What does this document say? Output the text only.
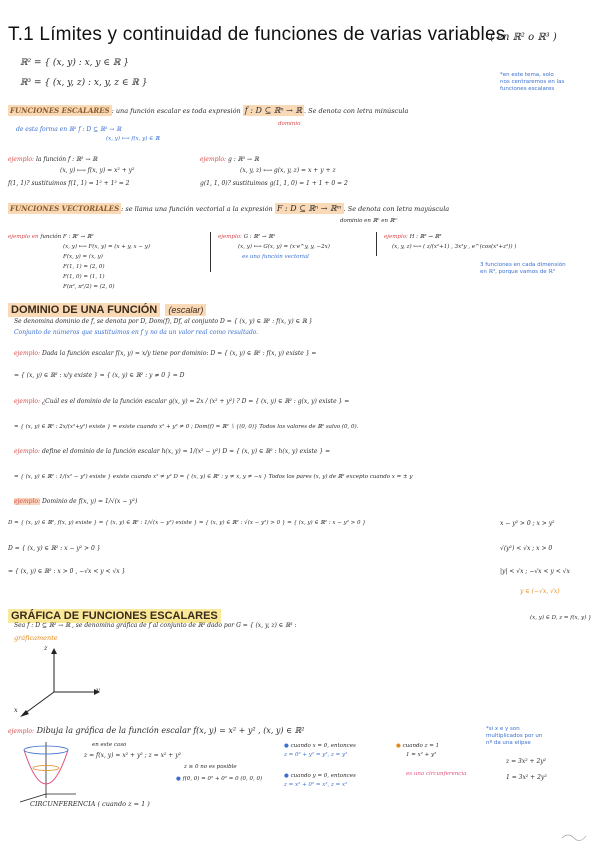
T.1 Límites y continuidad de funciones de varias variables
( en ℝ² o ℝ³ )
ℝ² = { (x, y) : x, y ∈ ℝ }
ℝ³ = { (x, y, z) : x, y, z ∈ ℝ }
*en este tema, solo
nos centraremos en las
funciones escalares
FUNCIONES ESCALARES : una función escalar es toda expresión f : D ⊆ ℝⁿ → ℝ . Se denota con letra minúscula
dominio
de esta forma en ℝ² f : D ⊆ ℝ² → ℝ
(x, y) ⟼ f(x, y) ∈ ℝ
ejemplo: la función f : ℝ² → ℝ
(x, y) ⟼ f(x, y) = x² + y²
f(1, 1)? sustituimos f(1, 1) = 1² + 1² = 2
ejemplo: g : ℝ³ → ℝ
(x, y, z) ⟼ g(x, y, z) = x + y + z
g(1, 1, 0)? sustituimos g(1, 1, 0) = 1 + 1 + 0 = 2
FUNCIONES VECTORIALES : se llama una función vectorial a la expresión F : D ⊆ ℝⁿ → ℝᵐ . Se denota con letra mayúscula
dominio en ℝⁿ en ℝᵐ
ejemplo en función F : ℝ² → ℝ²
(x, y) ⟼ F(x, y) = (x + y, x − y)
F(x, y) = (x, y)
F(1, 1) = (2, 0)
F(1, 0) = (1, 1)
F(π², π²/2) = (2, 0)
ejemplo: G : ℝ² → ℝ³
(x, y) ⟼ G(x, y) = (x·e^y, y, −2x)
es una función vectorial
ejemplo: H : ℝ³ → ℝ³
(x, y, z) ⟼ ( z/(x²+1) , 3x²y , e^(cos(x²+z²)) )
3 funciones en cada dimensión
en ℝ³, porque vamos de ℝ³
DOMINIO DE UNA FUNCIÓN (escalar)
Se denomina dominio de f, se denota por D, Dom(f), Df, al conjunto D = { (x, y) ∈ ℝ² : f(x, y) ∈ ℝ }
Conjunto de números que sustituimos en f y no da un valor real como resultado.
ejemplo: Dada la función escalar f(x, y) = x/y tiene por dominio: D = { (x, y) ∈ ℝ² : f(x, y) existe } =
= { (x, y) ∈ ℝ² : x/y existe } = { (x, y) ∈ ℝ² : y ≠ 0 } = D
ejemplo: ¿Cuál es el dominio de la función escalar g(x, y) = 2x / (x² + y²) ? D = { (x, y) ∈ ℝ² : g(x, y) existe } =
= { (x, y) ∈ ℝ² : 2x/(x²+y²) existe } = existe cuando x² + y² ≠ 0 ; Dom(f) = ℝ² ∖ {(0, 0)} Todos los valores de ℝ² salvo (0, 0).
ejemplo: define el dominio de la función escalar h(x, y) = 1/(x² − y²) D = { (x, y) ∈ ℝ² : h(x, y) existe } =
= { (x, y) ∈ ℝ² : 1/(x² − y²) existe } existe cuando x² ≠ y² D = { (x, y) ∈ ℝ² : y ≠ x, y ≠ −x } Todos los pares (x, y) de ℝ² excepto cuando x = ± y
ejemplo: Dominio de f(x, y) = 1/√(x − y²)
D = { (x, y) ∈ ℝ², f(x, y) existe } = { (x, y) ∈ ℝ² : 1/√(x − y²) existe } = { (x, y) ∈ ℝ² : √(x − y²) > 0 } = { (x, y) ∈ ℝ² : x − y² > 0 }
D = { (x, y) ∈ ℝ² : x − y² > 0 }
= { (x, y) ∈ ℝ² : x > 0 , −√x < y < √x }
x − y² > 0 ; x > y²
√(y²) < √x ; x > 0
|y| < √x ; −√x < y < √x
y ∈ (−√x, √x)
GRÁFICA DE FUNCIONES ESCALARES
Sea f : D ⊆ ℝ² → ℝ , se denomina gráfica de f al conjunto de ℝ³ dado por G = { (x, y, z) ∈ ℝ³ :
(x, y) ∈ D, z = f(x, y) }
gráficamente
z
y
x
ejemplo: Dibuja la gráfica de la función escalar f(x, y) = x² + y² , (x, y) ∈ ℝ²
en este caso
z = f(x, y) = x² + y² ; z = x² + y²
z ≥ 0 no es posible
● f(0, 0) = 0² + 0² = 0 (0, 0, 0)
● cuando x = 0, entonces
z = 0² + y² = y², z = y²
● cuando y = 0, entonces
z = x² + 0² = x², z = x²
● cuando z = 1
1 = x² + y²
es una circunferencia
*si x e y son
multiplicados por un
nº da una elipse
z = 3x² + 2y²
1 = 3x² + 2y²
CIRCUNFERENCIA ( cuando z = 1 )
